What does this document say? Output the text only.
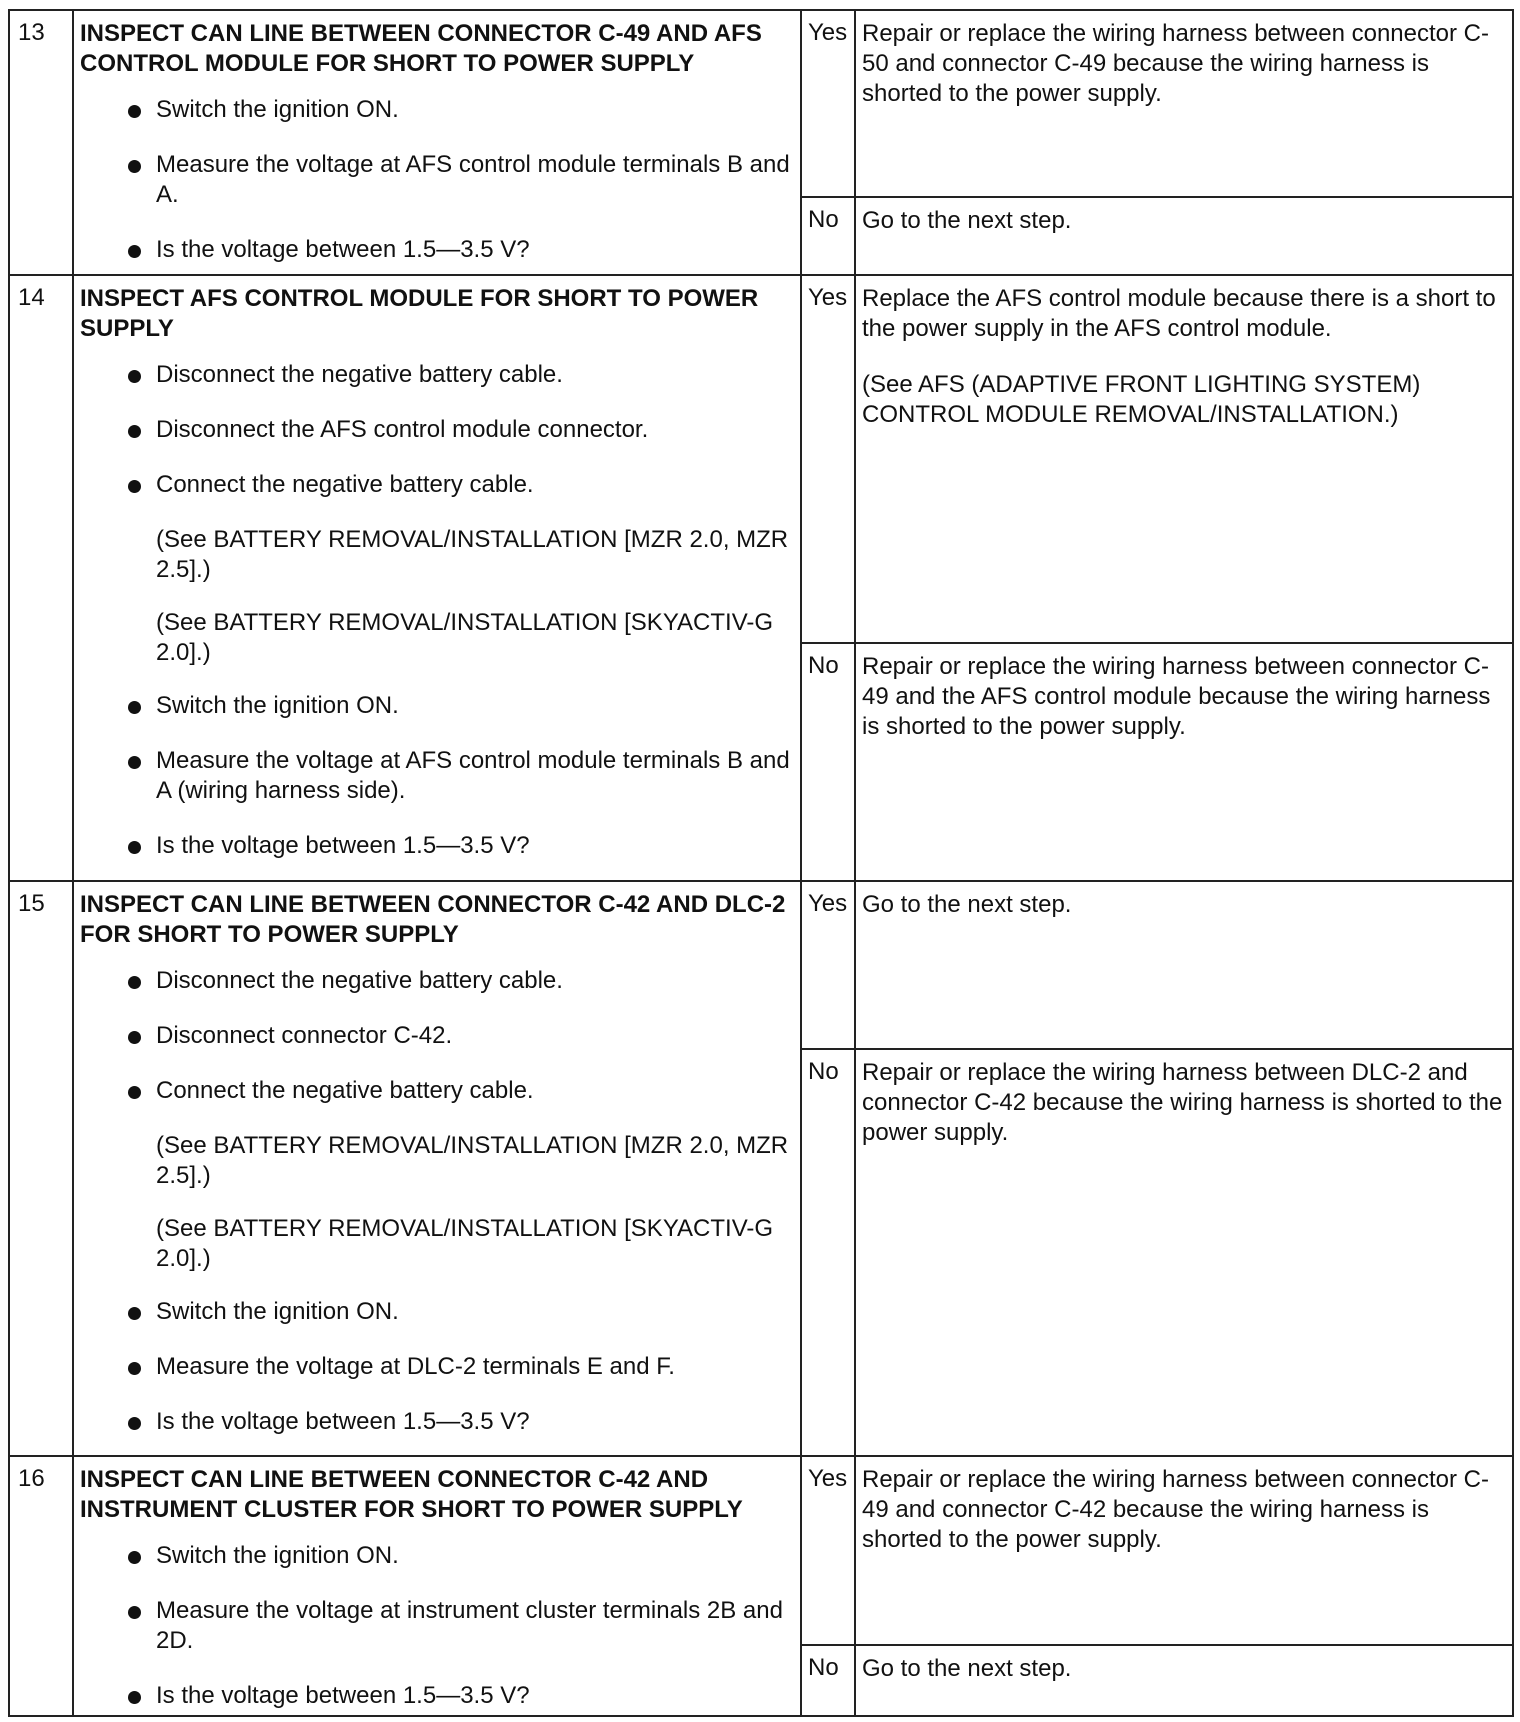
13	INSPECT CAN LINE BETWEEN CONNECTOR C-49 AND AFS CONTROL MODULE FOR SHORT TO POWER SUPPLY
Switch the ignition ON.
Measure the voltage at AFS control module terminals B and A.
Is the voltage between 1.5—3.5 V?
Yes Repair or replace the wiring harness between connector C-50 and connector C-49 because the wiring harness is shorted to the power supply.

No Go to the next step.

14	INSPECT AFS CONTROL MODULE FOR SHORT TO POWER SUPPLY
Disconnect the negative battery cable.
Disconnect the AFS control module connector.
Connect the negative battery cable.
(See BATTERY REMOVAL/INSTALLATION [MZR 2.0, MZR 2.5].)
(See BATTERY REMOVAL/INSTALLATION [SKYACTIV-G 2.0].)
Switch the ignition ON.
Measure the voltage at AFS control module terminals B and A (wiring harness side).
Is the voltage between 1.5—3.5 V?
Yes Replace the AFS control module because there is a short to the power supply in the AFS control module.

(See AFS (ADAPTIVE FRONT LIGHTING SYSTEM) CONTROL MODULE REMOVAL/INSTALLATION.)

No Repair or replace the wiring harness between connector C-49 and the AFS control module because the wiring harness is shorted to the power supply.

15	INSPECT CAN LINE BETWEEN CONNECTOR C-42 AND DLC-2 FOR SHORT TO POWER SUPPLY
Disconnect the negative battery cable.
Disconnect connector C-42.
Connect the negative battery cable.
(See BATTERY REMOVAL/INSTALLATION [MZR 2.0, MZR 2.5].)
(See BATTERY REMOVAL/INSTALLATION [SKYACTIV-G 2.0].)
Switch the ignition ON.
Measure the voltage at DLC-2 terminals E and F.
Is the voltage between 1.5—3.5 V?
Yes Go to the next step.

No Repair or replace the wiring harness between DLC-2 and connector C-42 because the wiring harness is shorted to the power supply.

16	INSPECT CAN LINE BETWEEN CONNECTOR C-42 AND INSTRUMENT CLUSTER FOR SHORT TO POWER SUPPLY
Switch the ignition ON.
Measure the voltage at instrument cluster terminals 2B and 2D.
Is the voltage between 1.5—3.5 V?
Yes Repair or replace the wiring harness between connector C-49 and connector C-42 because the wiring harness is shorted to the power supply.

No Go to the next step.
